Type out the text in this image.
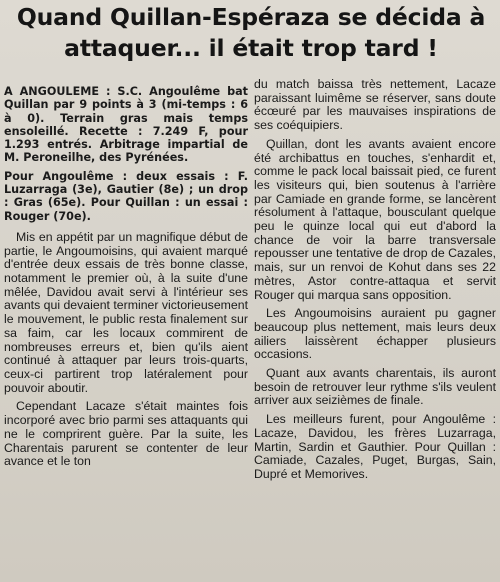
Quand Quillan-Espéraza se décida à attaquer... il était trop tard !

A ANGOULEME : S.C. Angoulême bat Quillan par 9 points à 3 (mi-temps : 6 à 0). Terrain gras mais temps ensoleillé. Recette : 7.249 F, pour 1.293 entrés. Arbitrage impartial de M. Peroneilhe, des Pyrénées.

Pour Angoulême : deux essais : F. Luzarraga (3e), Gautier (8e) ; un drop : Gras (65e). Pour Quillan : un essai : Rouger (70e).

Mis en appétit par un magnifique début de partie, le Angoumoisins, qui avaient marqué d'entrée deux essais de très bonne classe, notamment le premier où, à la suite d'une mêlée, Davidou avait servi à l'intérieur ses avants qui devaient terminer victorieusement le mouvement, le public resta finalement sur sa faim, car les locaux commirent de nombreuses erreurs et, bien qu'ils aient continué à attaquer par leurs trois-quarts, ceux-ci partirent trop latéralement pour pouvoir aboutir.

Cependant Lacaze s'était maintes fois incorporé avec brio parmi ses attaquants qui ne le comprirent guère. Par la suite, les Charentais parurent se contenter de leur avance et le ton

du match baissa très nettement, Lacaze paraissant luimême se réserver, sans doute écœuré par les mauvaises inspirations de ses coéquipiers.

Quillan, dont les avants avaient encore été archibattus en touches, s'enhardit et, comme le pack local baissait pied, ce furent les visiteurs qui, bien soutenus à l'arrière par Camiade en grande forme, se lancèrent résolument à l'attaque, bousculant quelque peu le quinze local qui eut d'abord la chance de voir la barre transversale repousser une tentative de drop de Cazales, mais, sur un renvoi de Kohut dans ses 22 mètres, Astor contre-attaqua et servit Rouger qui marqua sans opposition.

Les Angoumoisins auraient pu gagner beaucoup plus nettement, mais leurs deux ailiers laissèrent échapper plusieurs occasions.

Quant aux avants charentais, ils auront besoin de retrouver leur rythme s'ils veulent arriver aux seizièmes de finale.

Les meilleurs furent, pour Angoulême : Lacaze, Davidou, les frères Luzarraga, Martin, Sardin et Gauthier. Pour Quillan : Camiade, Cazales, Puget, Burgas, Sain, Dupré et Memorives.
